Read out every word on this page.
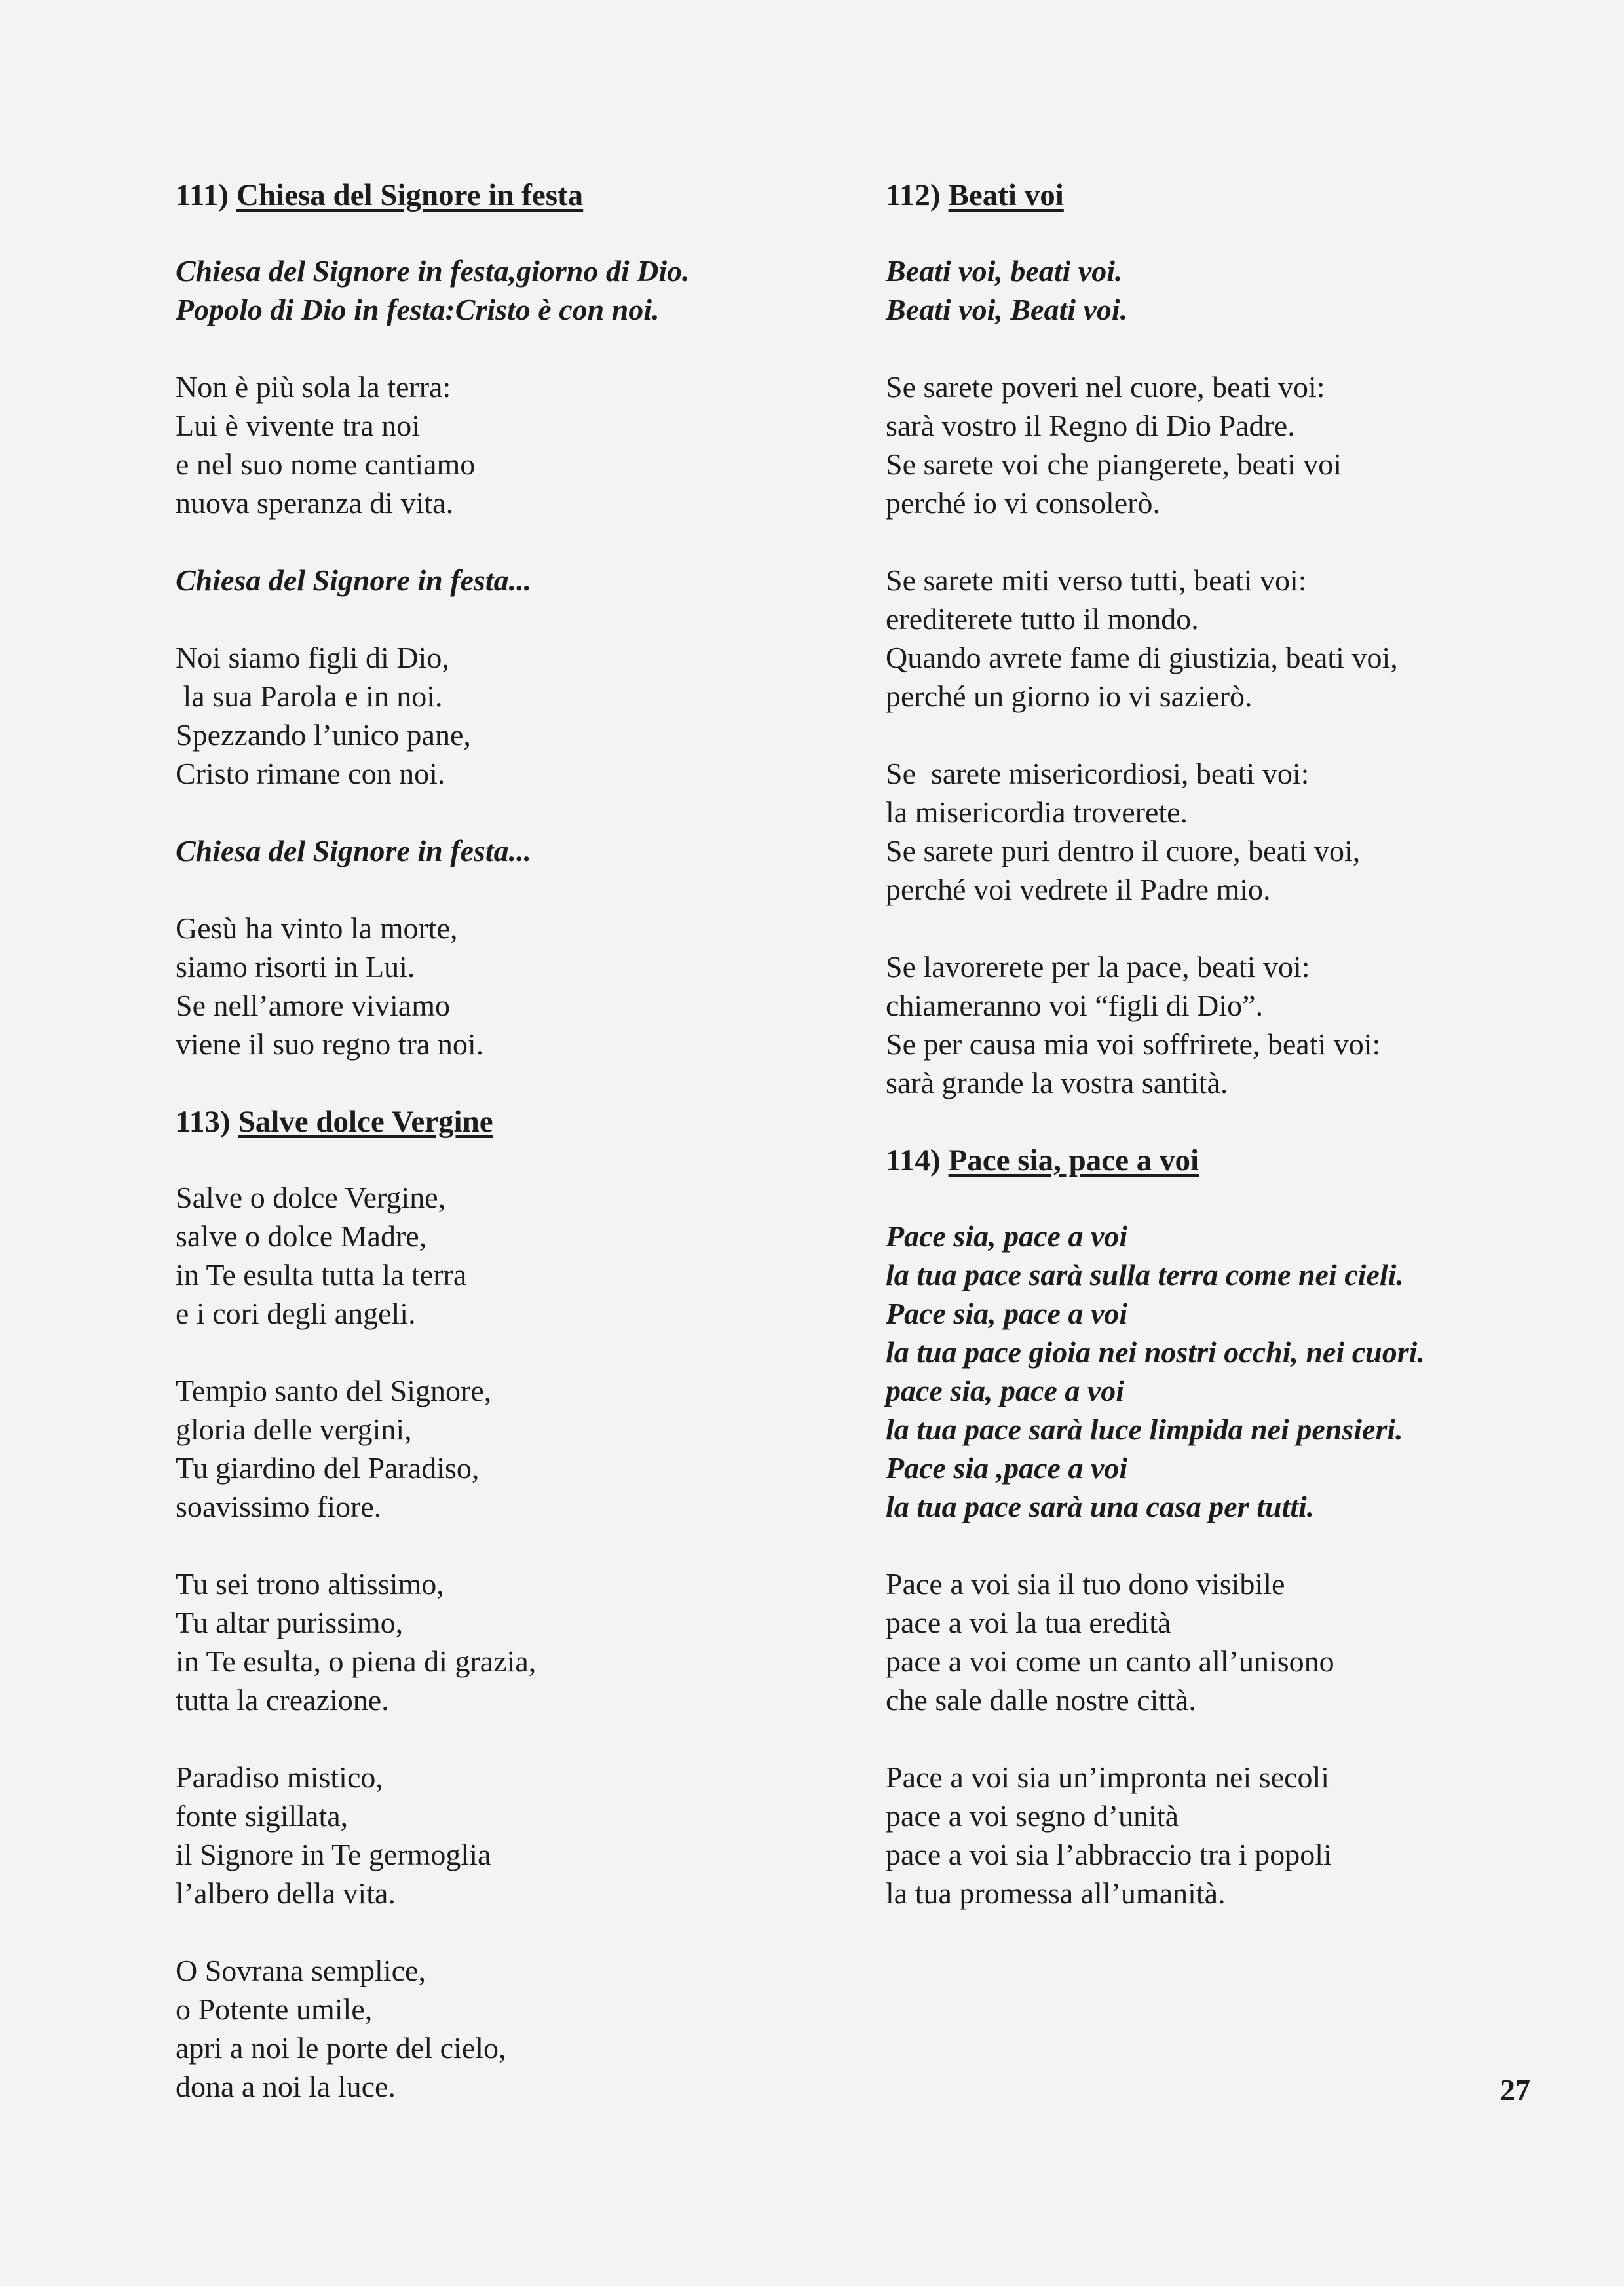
111) Chiesa del Signore in festa
Chiesa del Signore in festa,giorno di Dio.
Popolo di Dio in festa:Cristo è con noi.
Non è più sola la terra:
Lui è vivente tra noi
e nel suo nome cantiamo
nuova speranza di vita.
Chiesa del Signore in festa...
Noi siamo figli di Dio,
la sua Parola e in noi.
Spezzando l’unico pane,
Cristo rimane con noi.
Chiesa del Signore in festa...
Gesù ha vinto la morte,
siamo risorti in Lui.
Se nell’amore viviamo
viene il suo regno tra noi.
113) Salve dolce Vergine
Salve o dolce Vergine,
salve o dolce Madre,
in Te esulta tutta la terra
e i cori degli angeli.
Tempio santo del Signore,
gloria delle vergini,
Tu giardino del Paradiso,
soavissimo fiore.
Tu sei trono altissimo,
Tu altar purissimo,
in Te esulta, o piena di grazia,
tutta la creazione.
Paradiso mistico,
fonte sigillata,
il Signore in Te germoglia
l’albero della vita.
O Sovrana semplice,
o Potente umile,
apri a noi le porte del cielo,
dona a noi la luce.
112) Beati voi
Beati voi, beati voi.
Beati voi, Beati voi.
Se sarete poveri nel cuore, beati voi:
sarà vostro il Regno di Dio Padre.
Se sarete voi che piangerete, beati voi
perché io vi consolerò.
Se sarete miti verso tutti, beati voi:
erediterete tutto il mondo.
Quando avrete fame di giustizia, beati voi,
perché un giorno io vi sazierò.
Se  sarete misericordiosi, beati voi:
la misericordia troverete.
Se sarete puri dentro il cuore, beati voi,
perché voi vedrete il Padre mio.
Se lavorerete per la pace, beati voi:
chiameranno voi “figli di Dio”.
Se per causa mia voi soffrirete, beati voi:
sarà grande la vostra santità.
114) Pace sia, pace a voi
Pace sia, pace a voi
la tua pace sarà sulla terra come nei cieli.
Pace sia, pace a voi
la tua pace gioia nei nostri occhi, nei cuori.
pace sia, pace a voi
la tua pace sarà luce limpida nei pensieri.
Pace sia ,pace a voi
la tua pace sarà una casa per tutti.
Pace a voi sia il tuo dono visibile
pace a voi la tua eredità
pace a voi come un canto all’unisono
che sale dalle nostre città.
Pace a voi sia un’impronta nei secoli
pace a voi segno d’unità
pace a voi sia l’abbraccio tra i popoli
la tua promessa all’umanità.
27
